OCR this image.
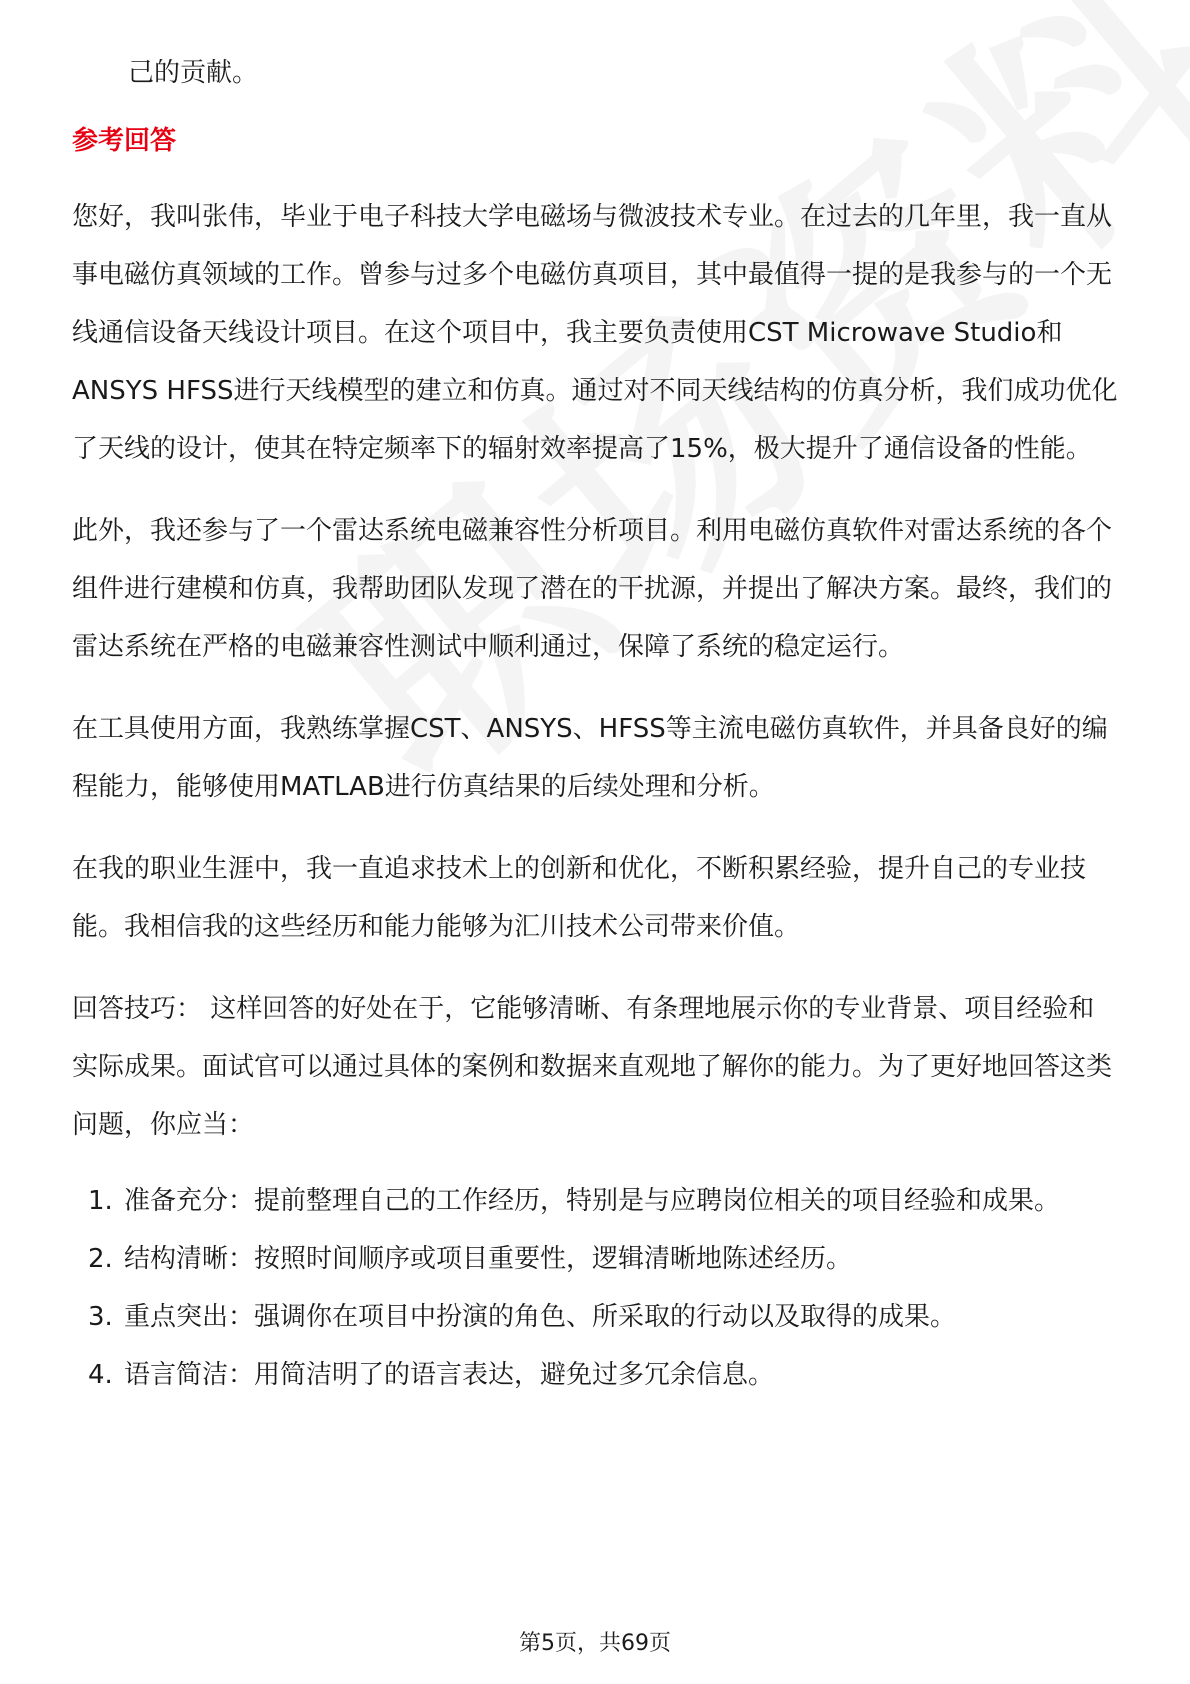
己的贡献。

参考回答

您好，我叫张伟，毕业于电子科技大学电磁场与微波技术专业。在过去的几年里，我一直从事电磁仿真领域的工作。曾参与过多个电磁仿真项目，其中最值得一提的是我参与的一个无线通信设备天线设计项目。在这个项目中，我主要负责使用CST Microwave Studio和ANSYS HFSS进行天线模型的建立和仿真。通过对不同天线结构的仿真分析，我们成功优化了天线的设计，使其在特定频率下的辐射效率提高了15%，极大提升了通信设备的性能。

此外，我还参与了一个雷达系统电磁兼容性分析项目。利用电磁仿真软件对雷达系统的各个组件进行建模和仿真，我帮助团队发现了潜在的干扰源，并提出了解决方案。最终，我们的雷达系统在严格的电磁兼容性测试中顺利通过，保障了系统的稳定运行。

在工具使用方面，我熟练掌握CST、ANSYS、HFSS等主流电磁仿真软件，并具备良好的编程能力，能够使用MATLAB进行仿真结果的后续处理和分析。

在我的职业生涯中，我一直追求技术上的创新和优化，不断积累经验，提升自己的专业技能。我相信我的这些经历和能力能够为汇川技术公司带来价值。

回答技巧： 这样回答的好处在于，它能够清晰、有条理地展示你的专业背景、项目经验和实际成果。面试官可以通过具体的案例和数据来直观地了解你的能力。为了更好地回答这类问题，你应当：

1. 准备充分：提前整理自己的工作经历，特别是与应聘岗位相关的项目经验和成果。
2. 结构清晰：按照时间顺序或项目重要性，逻辑清晰地陈述经历。
3. 重点突出：强调你在项目中扮演的角色、所采取的行动以及取得的成果。
4. 语言简洁：用简洁明了的语言表达，避免过多冗余信息。
第5页，共69页
